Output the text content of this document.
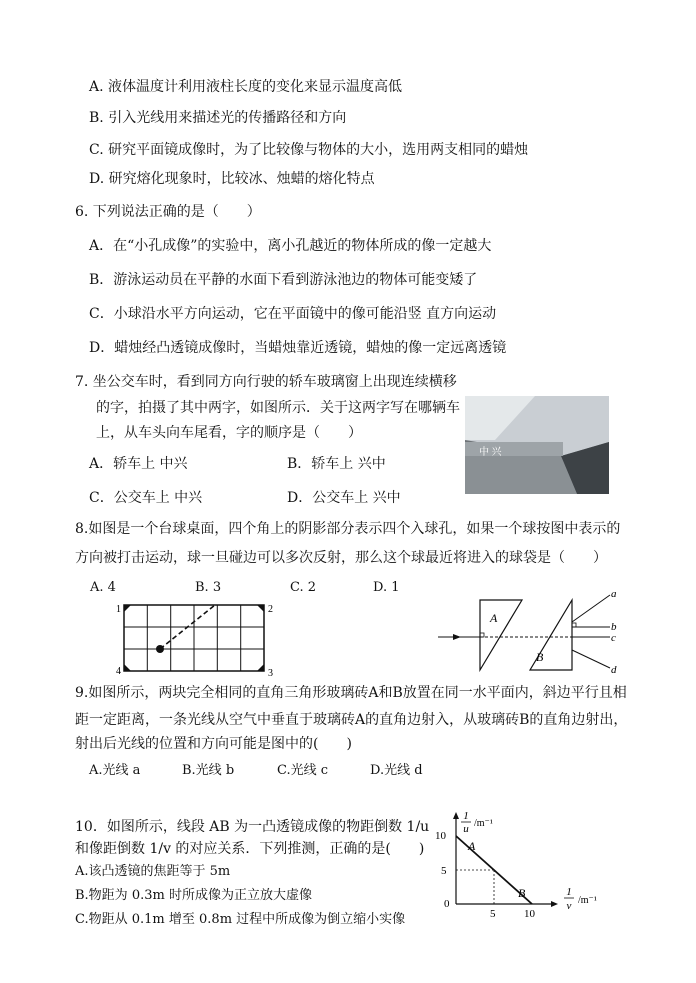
A. 液体温度计利用液柱长度的变化来显示温度高低
B. 引入光线用来描述光的传播路径和方向
C. 研究平面镜成像时，为了比较像与物体的大小，选用两支相同的蜡烛
D. 研究熔化现象时，比较冰、烛蜡的熔化特点
6. 下列说法正确的是（　　）
A．在“小孔成像”的实验中，离小孔越近的物体所成的像一定越大
B．游泳运动员在平静的水面下看到游泳池边的物体可能变矮了
C．小球沿水平方向运动，它在平面镜中的像可能沿竖 直方向运动
D．蜡烛经凸透镜成像时，当蜡烛靠近透镜，蜡烛的像一定远离透镜
7. 坐公交车时，看到同方向行驶的轿车玻璃窗上出现连续横移
的字，拍摄了其中两字，如图所示．关于这两字写在哪辆车
上，从车头向车尾看，字的顺序是（　　）
A．轿车上 中兴	B．轿车上 兴中
C．公交车上 中兴	D．公交车上 兴中
中 兴
8.如图是一个台球桌面，四个角上的阴影部分表示四个入球孔，如果一个球按图中表示的
方向被打击运动，球一旦碰边可以多次反射，那么这个球最近将进入的球袋是（　　）
A. 4	B. 3	C. 2	D. 1
1	2
3
4
A
B
a
b
c
d
9.如图所示，两块完全相同的直角三角形玻璃砖A和B放置在同一水平面内，斜边平行且相
距一定距离，一条光线从空气中垂直于玻璃砖A的直角边射入，从玻璃砖B的直角边射出，
射出后光线的位置和方向可能是图中的(　　)
A.光线 a	B.光线 b	C.光线 c	D.光线 d
10．如图所示，线段 AB 为一凸透镜成像的物距倒数 1/u
和像距倒数 1/v 的对应关系．下列推测，正确的是(　　)
A.该凸透镜的焦距等于 5m
B.物距为 0.3m 时所成像为正立放大虚像
C.物距从 0.1m 增至 0.8m 过程中所成像为倒立缩小实像
1
u /m⁻¹
10
5
0
5	10
A
B	1
v /m⁻¹
